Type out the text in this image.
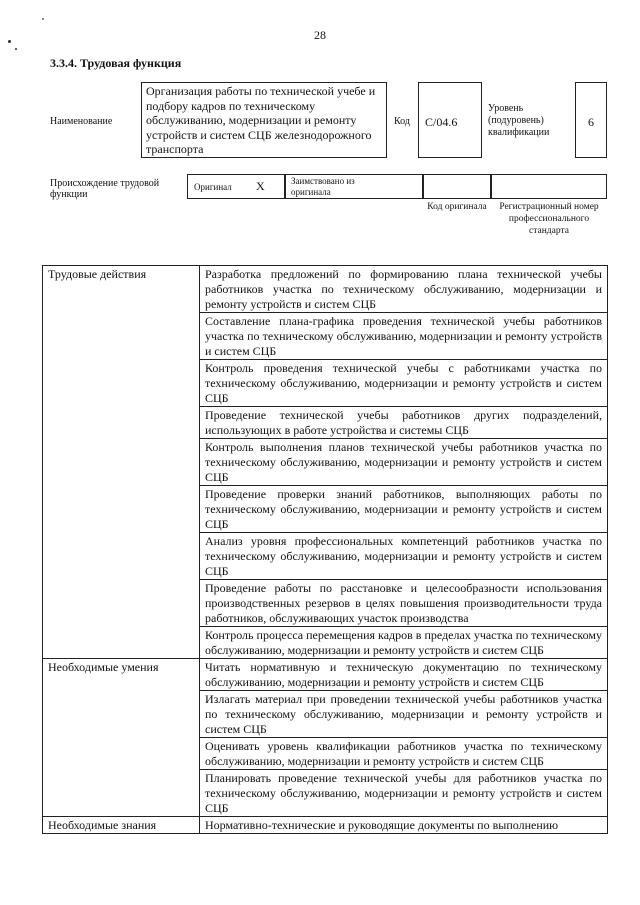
28
3.3.4. Трудовая функция
Наименование
Организация работы по технической учебе и подбору кадров по техническому обслуживанию, модернизации и ремонту устройств и систем СЦБ железнодорожного транспорта
Код С/04.6
Уровень (подуровень) квалификации
6
Происхождение трудовой функции
Оригинал X	Заимствовано из оригинала
Код оригинала	Регистрационный номер профессионального стандарта
Трудовые действия	Разработка предложений по формированию плана технической учебы работников участка по техническому обслуживанию, модернизации и ремонту устройств и систем СЦБ
	Составление плана-графика проведения технической учебы работников участка по техническому обслуживанию, модернизации и ремонту устройств и систем СЦБ
	Контроль проведения технической учебы с работниками участка по техническому обслуживанию, модернизации и ремонту устройств и систем СЦБ
	Проведение технической учебы работников других подразделений, использующих в работе устройства и системы СЦБ
	Контроль выполнения планов технической учебы работников участка по техническому обслуживанию, модернизации и ремонту устройств и систем СЦБ
	Проведение проверки знаний работников, выполняющих работы по техническому обслуживанию, модернизации и ремонту устройств и систем СЦБ
	Анализ уровня профессиональных компетенций работников участка по техническому обслуживанию, модернизации и ремонту устройств и систем СЦБ
	Проведение работы по расстановке и целесообразности использования производственных резервов в целях повышения производительности труда работников, обслуживающих участок производства
	Контроль процесса перемещения кадров в пределах участка по техническому обслуживанию, модернизации и ремонту устройств и систем СЦБ
Необходимые умения	Читать нормативную и техническую документацию по техническому обслуживанию, модернизации и ремонту устройств и систем СЦБ
	Излагать материал при проведении технической учебы работников участка по техническому обслуживанию, модернизации и ремонту устройств и систем СЦБ
	Оценивать уровень квалификации работников участка по техническому обслуживанию, модернизации и ремонту устройств и систем СЦБ
	Планировать проведение технической учебы для работников участка по техническому обслуживанию, модернизации и ремонту устройств и систем СЦБ
Необходимые знания	Нормативно-технические и руководящие документы по выполнению
